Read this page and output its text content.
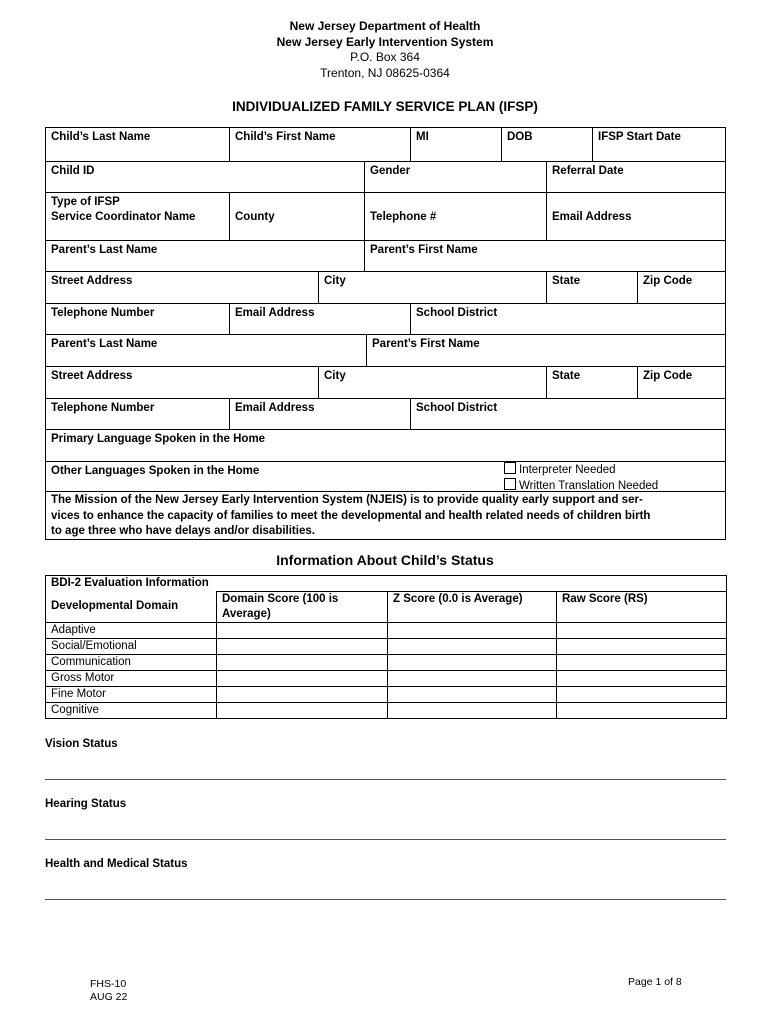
New Jersey Department of Health
New Jersey Early Intervention System
P.O. Box 364
Trenton, NJ 08625-0364
INDIVIDUALIZED FAMILY SERVICE PLAN (IFSP)
Child’s Last Name	Child’s First Name	MI	DOB	IFSP Start Date
Child ID	Gender	Referral Date
Type of IFSP
Service Coordinator Name	County	Telephone #	Email Address
Parent’s Last Name	Parent’s First Name
Street Address	City	State	Zip Code
Telephone Number	Email Address	School District
Parent’s Last Name	Parent’s First Name
Street Address	City	State	Zip Code
Telephone Number	Email Address	School District
Primary Language Spoken in the Home
Other Languages Spoken in the Home	Interpreter Needed
Written Translation Needed
The Mission of the New Jersey Early Intervention System (NJEIS) is to provide quality early support and ser-
vices to enhance the capacity of families to meet the developmental and health related needs of children birth
to age three who have delays and/or disabilities.
Information About Child’s Status
BDI-2 Evaluation Information			
Developmental Domain	Domain Score (100 is Average)	Z Score (0.0 is Average)	Raw Score (RS)
Adaptive			
Social/Emotional			
Communication			
Gross Motor			
Fine Motor			
Cognitive			
Vision Status
Hearing Status
Health and Medical Status
FHS-10
AUG 22
Page 1 of 8
